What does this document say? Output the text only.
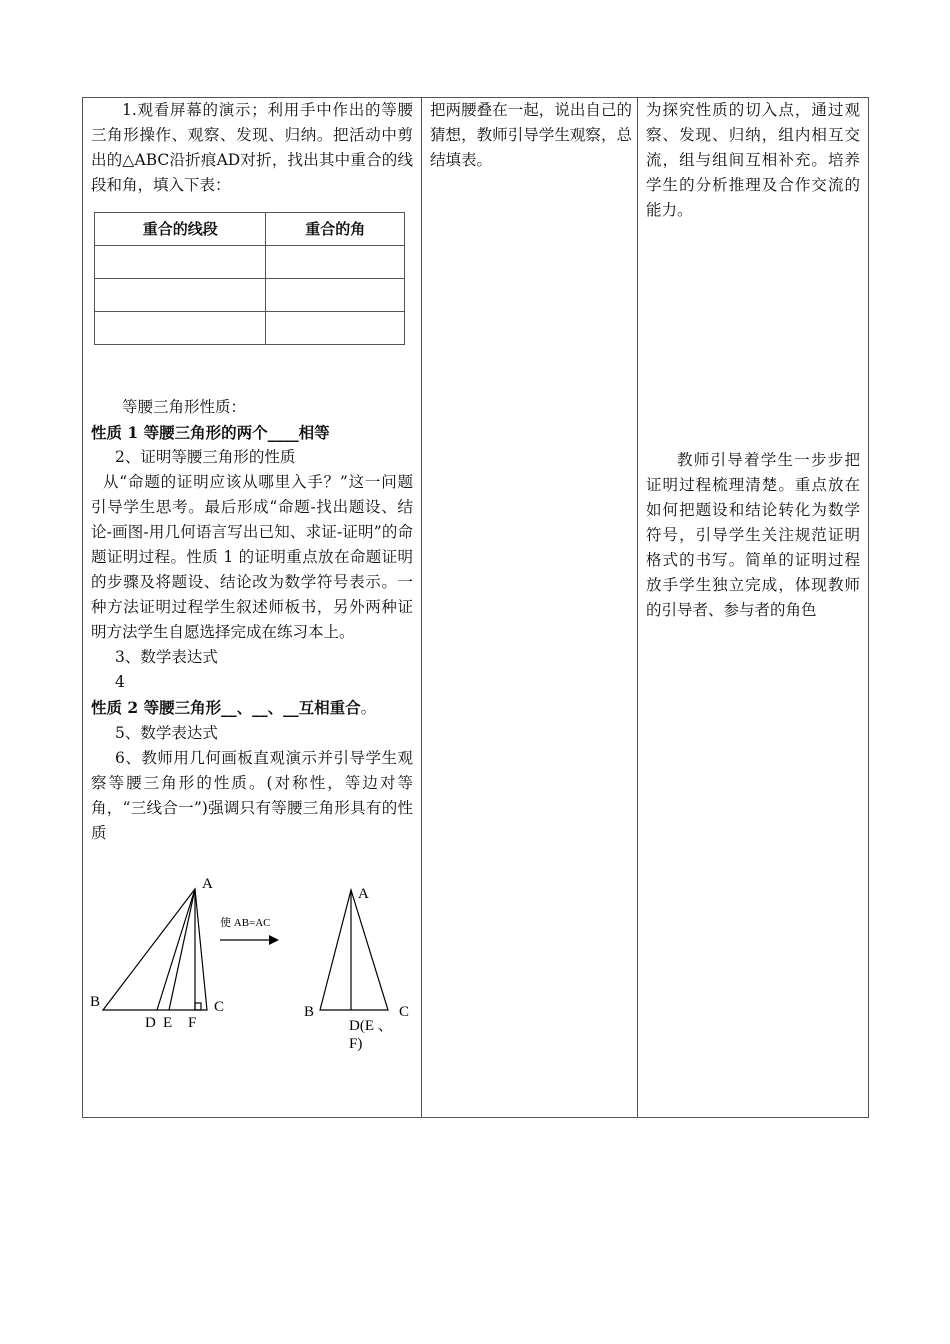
1.观看屏幕的演示；利用手中作出的等腰三角形操作、观察、发现、归纳。把活动中剪出的△ABC沿折痕AD对折，找出其中重合的线段和角，填入下表：

重合的线段	重合的角

等腰三角形性质：

性质 1 等腰三角形的两个____相等

2、证明等腰三角形的性质

从“命题的证明应该从哪里入手？”这一问题引导学生思考。最后形成“命题-找出题设、结论-画图-用几何语言写出已知、求证-证明”的命题证明过程。性质 1 的证明重点放在命题证明的步骤及将题设、结论改为数学符号表示。一种方法证明过程学生叙述师板书，另外两种证明方法学生自愿选择完成在练习本上。

3、数学表达式

4

性质 2 等腰三角形__、__、__互相重合。

5、数学表达式

6、教师用几何画板直观演示并引导学生观察等腰三角形的性质。(对称性，等边对等角，“三线合一”)强调只有等腰三角形具有的性质

A
B	C
D E F
A
B	C
D(E 、
F)
使 AB=AC

把两腰叠在一起，说出自己的猜想，教师引导学生观察，总结填表。

为探究性质的切入点，通过观察、发现、归纳，组内相互交流，组与组间互相补充。培养学生的分析推理及合作交流的能力。

教师引导着学生一步步把证明过程梳理清楚。重点放在如何把题设和结论转化为数学符号，引导学生关注规范证明格式的书写。简单的证明过程放手学生独立完成，体现教师的引导者、参与者的角色
